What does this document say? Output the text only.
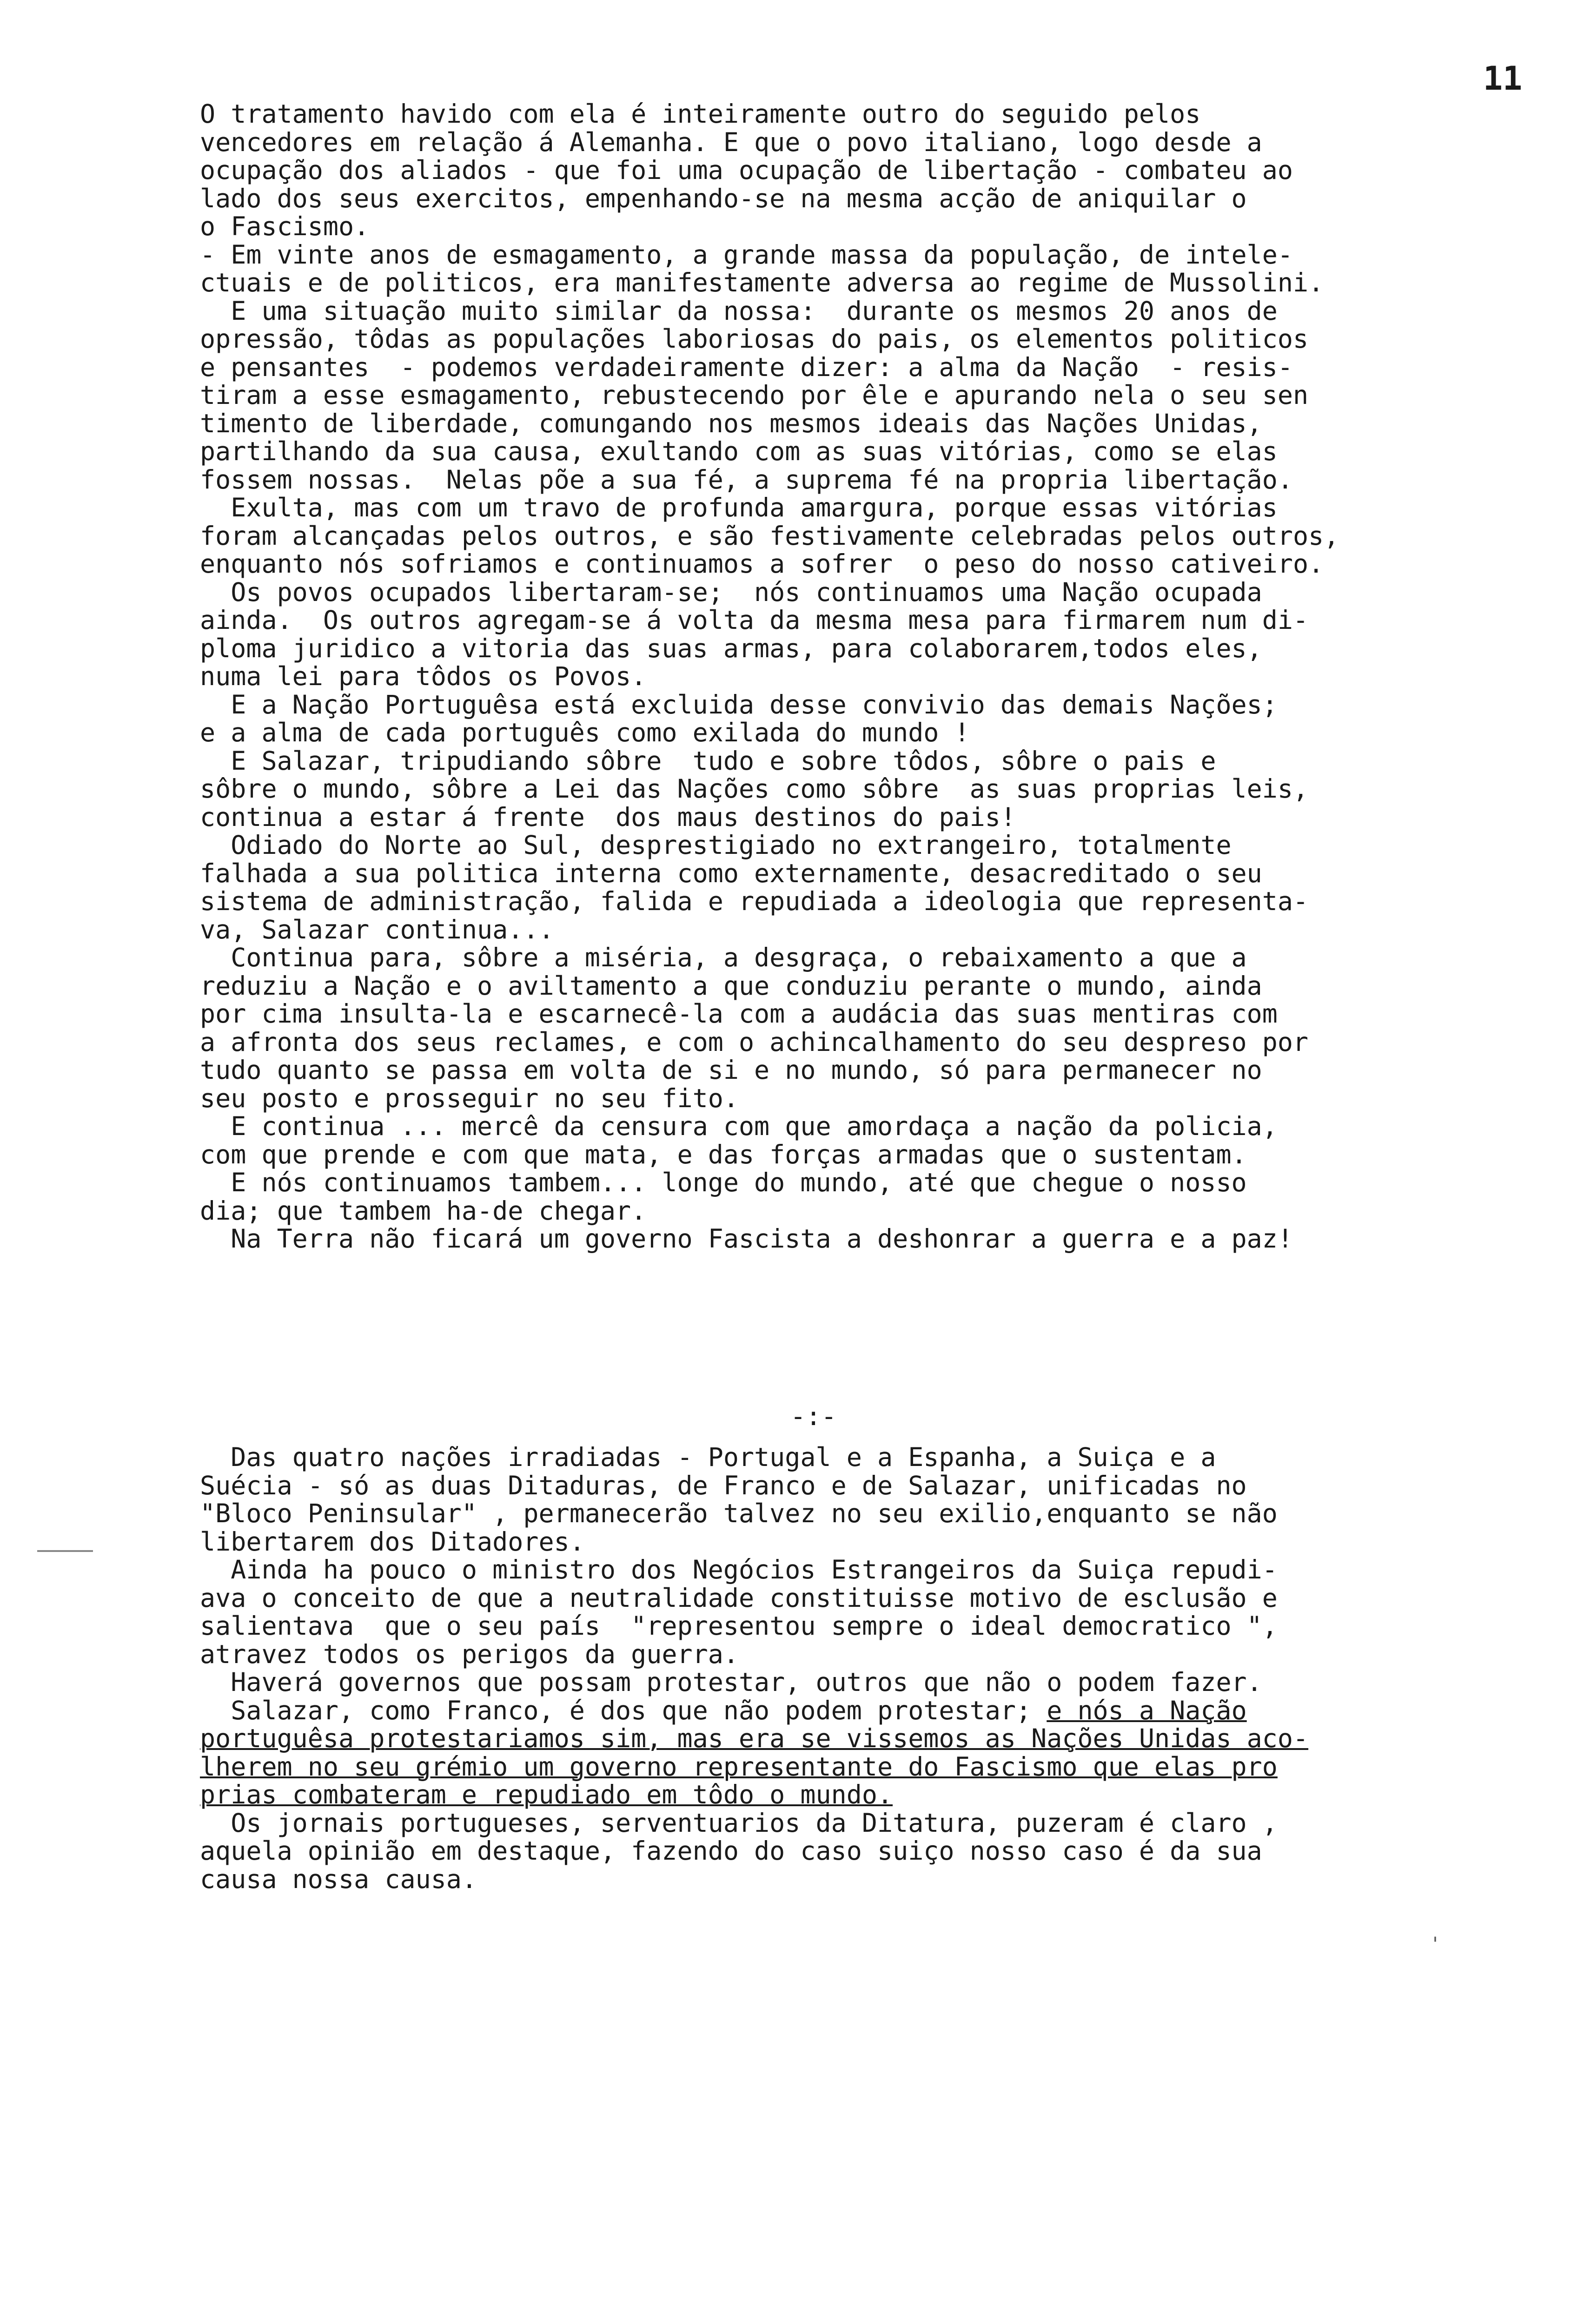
11
O tratamento havido com ela é inteiramente outro do seguido pelos
vencedores em relação á Alemanha. E que o povo italiano, logo desde a
ocupação dos aliados - que foi uma ocupação de libertação - combateu ao
lado dos seus exercitos, empenhando-se na mesma acção de aniquilar o
o Fascismo.
- Em vinte anos de esmagamento, a grande massa da população, de intele-
ctuais e de politicos, era manifestamente adversa ao regime de Mussolini.
E uma situação muito similar da nossa:  durante os mesmos 20 anos de
opressão, tôdas as populações laboriosas do pais, os elementos politicos
e pensantes  - podemos verdadeiramente dizer: a alma da Nação  - resis-
tiram a esse esmagamento, rebustecendo por êle e apurando nela o seu sen
timento de liberdade, comungando nos mesmos ideais das Nações Unidas,
partilhando da sua causa, exultando com as suas vitórias, como se elas
fossem nossas.  Nelas põe a sua fé, a suprema fé na propria libertação.
Exulta, mas com um travo de profunda amargura, porque essas vitórias
foram alcançadas pelos outros, e são festivamente celebradas pelos outros,
enquanto nós sofriamos e continuamos a sofrer  o peso do nosso cativeiro.
Os povos ocupados libertaram-se;  nós continuamos uma Nação ocupada
ainda.  Os outros agregam-se á volta da mesma mesa para firmarem num di-
ploma juridico a vitoria das suas armas, para colaborarem,todos eles,
numa lei para tôdos os Povos.
E a Nação Portuguêsa está excluida desse convivio das demais Nações;
e a alma de cada português como exilada do mundo !
E Salazar, tripudiando sôbre  tudo e sobre tôdos, sôbre o pais e
sôbre o mundo, sôbre a Lei das Nações como sôbre  as suas proprias leis,
continua a estar á frente  dos maus destinos do pais!
Odiado do Norte ao Sul, desprestigiado no extrangeiro, totalmente
falhada a sua politica interna como externamente, desacreditado o seu
sistema de administração, falida e repudiada a ideologia que representa-
va, Salazar continua...
Continua para, sôbre a miséria, a desgraça, o rebaixamento a que a
reduziu a Nação e o aviltamento a que conduziu perante o mundo, ainda
por cima insulta-la e escarnecê-la com a audácia das suas mentiras com
a afronta dos seus reclames, e com o achincalhamento do seu despreso por
tudo quanto se passa em volta de si e no mundo, só para permanecer no
seu posto e prosseguir no seu fito.
E continua ... mercê da censura com que amordaça a nação da policia,
com que prende e com que mata, e das forças armadas que o sustentam.
E nós continuamos tambem... longe do mundo, até que chegue o nosso
dia; que tambem ha-de chegar.
Na Terra não ficará um governo Fascista a deshonrar a guerra e a paz!
-:-
Das quatro nações irradiadas - Portugal e a Espanha, a Suiça e a
Suécia - só as duas Ditaduras, de Franco e de Salazar, unificadas no
"Bloco Peninsular" , permanecerão talvez no seu exilio,enquanto se não
libertarem dos Ditadores.
Ainda ha pouco o ministro dos Negócios Estrangeiros da Suiça repudi-
ava o conceito de que a neutralidade constituisse motivo de esclusão e
salientava  que o seu país  "representou sempre o ideal democratico ",
atravez todos os perigos da guerra.
Haverá governos que possam protestar, outros que não o podem fazer.
Salazar, como Franco, é dos que não podem protestar; e nós a Nação
portuguêsa protestariamos sim, mas era se vissemos as Nações Unidas aco-
lherem no seu grémio um governo representante do Fascismo que elas pro
prias combateram e repudiado em tôdo o mundo.
Os jornais portugueses, serventuarios da Ditatura, puzeram é claro ,
aquela opinião em destaque, fazendo do caso suiço nosso caso é da sua
causa nossa causa.
'
